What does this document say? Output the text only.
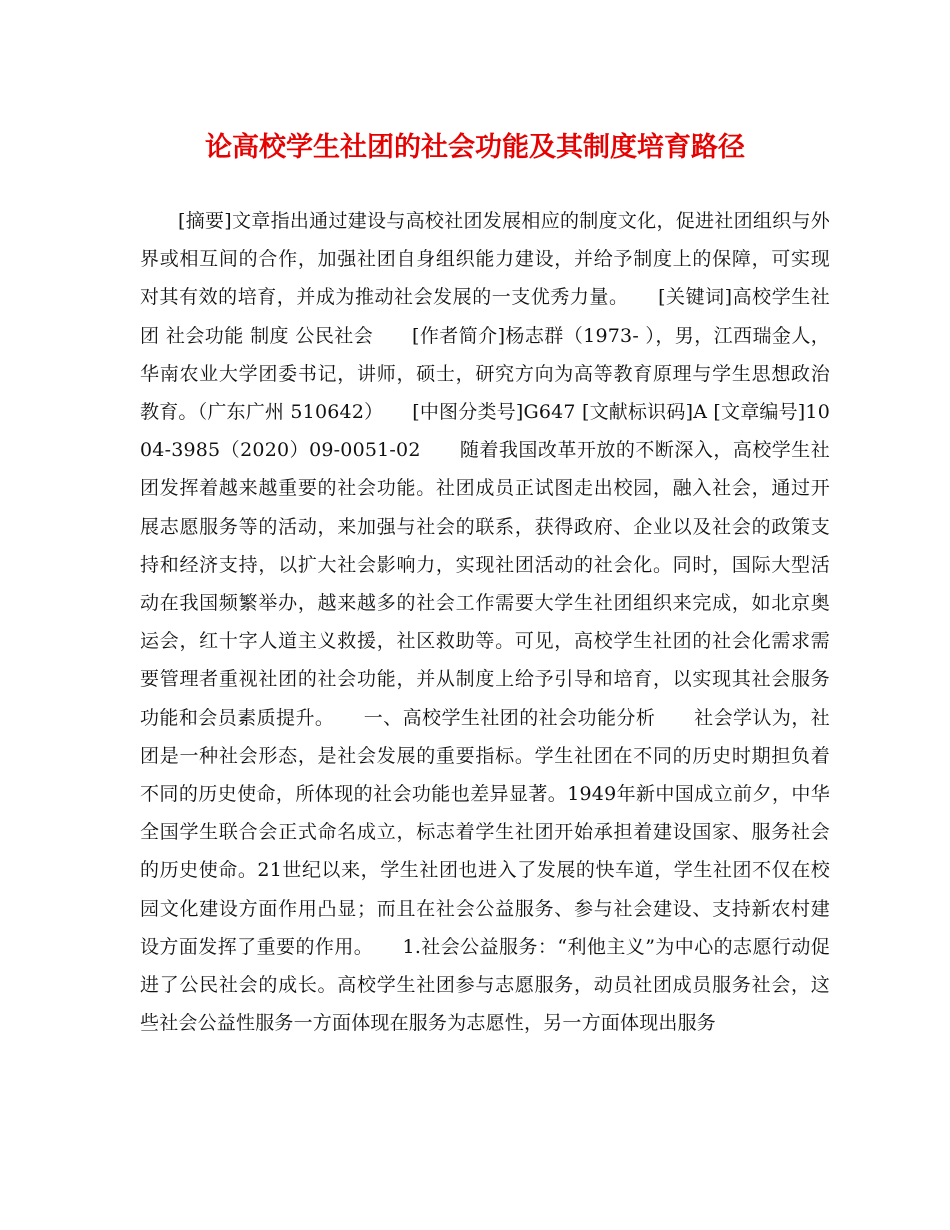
论高校学生社团的社会功能及其制度培育路径

[摘要]文章指出通过建设与高校社团发展相应的制度文化，促进社团组织与外界或相互间的合作，加强社团自身组织能力建设，并给予制度上的保障，可实现对其有效的培育，并成为推动社会发展的一支优秀力量。　　[关键词]高校学生社团 社会功能 制度 公民社会　　[作者简介]杨志群（1973- ），男，江西瑞金人，华南农业大学团委书记，讲师，硕士，研究方向为高等教育原理与学生思想政治教育。（广东广州 510642）　　[中图分类号]G647 [文献标识码]A [文章编号]1004-3985（2020）09-0051-02　　随着我国改革开放的不断深入，高校学生社团发挥着越来越重要的社会功能。社团成员正试图走出校园，融入社会，通过开展志愿服务等的活动，来加强与社会的联系，获得政府、企业以及社会的政策支持和经济支持，以扩大社会影响力，实现社团活动的社会化。同时，国际大型活动在我国频繁举办，越来越多的社会工作需要大学生社团组织来完成，如北京奥运会，红十字人道主义救援，社区救助等。可见，高校学生社团的社会化需求需要管理者重视社团的社会功能，并从制度上给予引导和培育，以实现其社会服务功能和会员素质提升。　　一、高校学生社团的社会功能分析　　社会学认为，社团是一种社会形态，是社会发展的重要指标。学生社团在不同的历史时期担负着不同的历史使命，所体现的社会功能也差异显著。1949年新中国成立前夕，中华全国学生联合会正式命名成立，标志着学生社团开始承担着建设国家、服务社会的历史使命。21世纪以来，学生社团也进入了发展的快车道，学生社团不仅在校园文化建设方面作用凸显；而且在社会公益服务、参与社会建设、支持新农村建设方面发挥了重要的作用。　　1.社会公益服务：“利他主义”为中心的志愿行动促进了公民社会的成长。高校学生社团参与志愿服务，动员社团成员服务社会，这些社会公益性服务一方面体现在服务为志愿性，另一方面体现出服务
